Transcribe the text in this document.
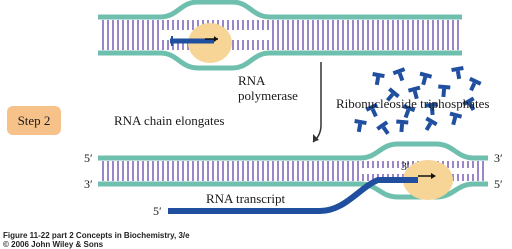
RNA
polymerase
Ribonucleoside triphosphates
RNA chain elongates
RNA transcript
Step 2
5′
3′
5′
3′
5′
3′
Figure 11-22 part 2 Concepts in Biochemistry, 3/e
© 2006 John Wiley & Sons
